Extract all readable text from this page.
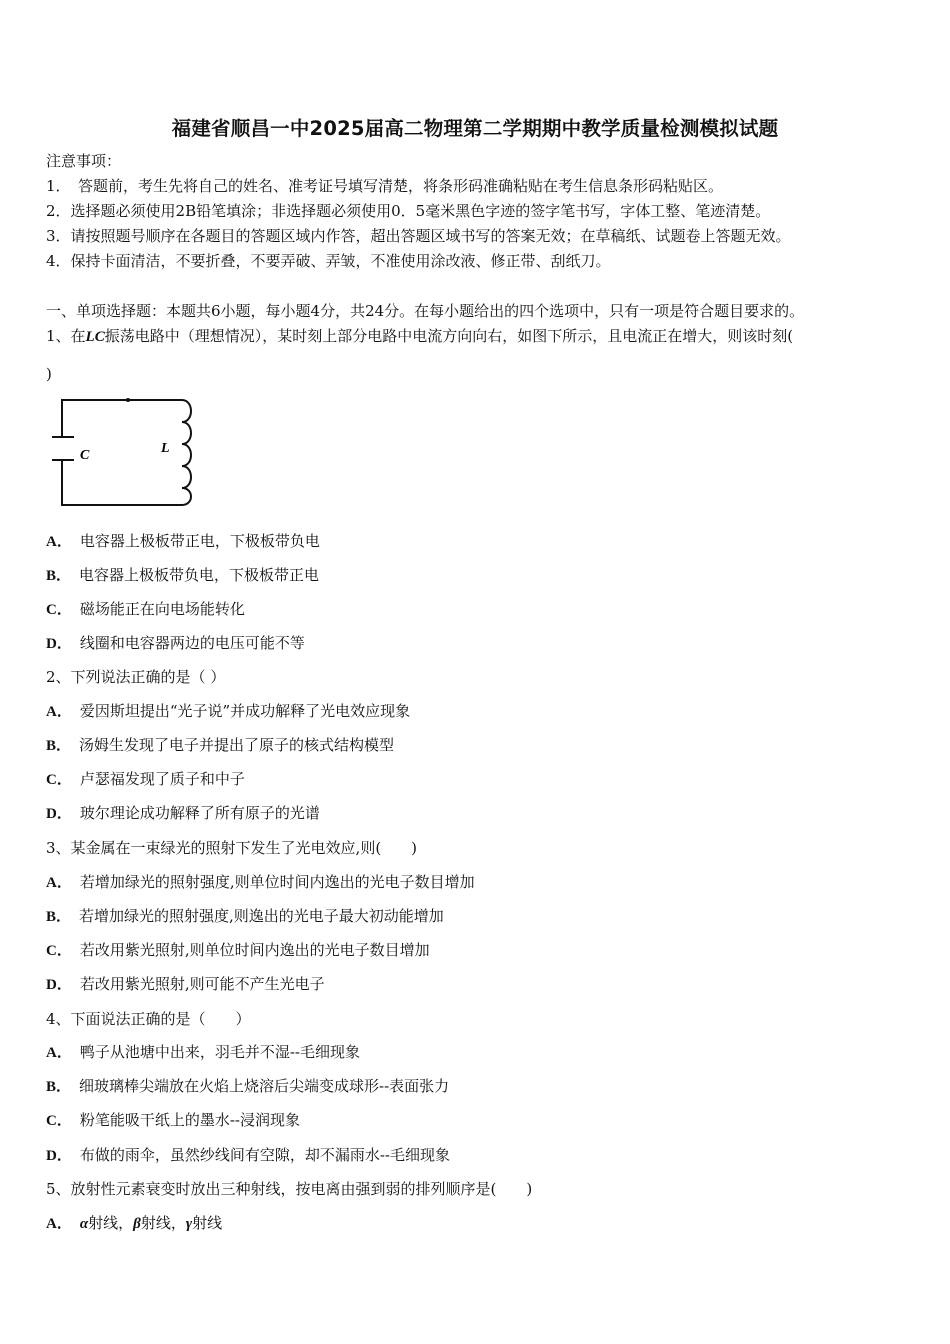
福建省顺昌一中2025届高二物理第二学期期中教学质量检测模拟试题
注意事项：
1．　答题前，考生先将自己的姓名、准考证号填写清楚，将条形码准确粘贴在考生信息条形码粘贴区。
2．选择题必须使用2B铅笔填涂；非选择题必须使用0．5毫米黑色字迹的签字笔书写，字体工整、笔迹清楚。
3．请按照题号顺序在各题目的答题区域内作答，超出答题区域书写的答案无效；在草稿纸、试题卷上答题无效。
4．保持卡面清洁，不要折叠，不要弄破、弄皱，不准使用涂改液、修正带、刮纸刀。
一、单项选择题：本题共6小题，每小题4分，共24分。在每小题给出的四个选项中，只有一项是符合题目要求的。
1、在LC振荡电路中（理想情况），某时刻上部分电路中电流方向向右，如图下所示，且电流正在增大，则该时刻(
)
C	L
A． 电容器上极板带正电，下极板带负电
B． 电容器上极板带负电，下极板带正电
C． 磁场能正在向电场能转化
D． 线圈和电容器两边的电压可能不等
2、下列说法正确的是（ ）
A． 爱因斯坦提出“光子说”并成功解释了光电效应现象
B． 汤姆生发现了电子并提出了原子的核式结构模型
C． 卢瑟福发现了质子和中子
D． 玻尔理论成功解释了所有原子的光谱
3、某金属在一束绿光的照射下发生了光电效应,则(　　)
A． 若增加绿光的照射强度,则单位时间内逸出的光电子数目增加
B． 若增加绿光的照射强度,则逸出的光电子最大初动能增加
C． 若改用紫光照射,则单位时间内逸出的光电子数目增加
D． 若改用紫光照射,则可能不产生光电子
4、下面说法正确的是（　　）
A． 鸭子从池塘中出来，羽毛并不湿--毛细现象
B． 细玻璃棒尖端放在火焰上烧溶后尖端变成球形--表面张力
C． 粉笔能吸干纸上的墨水--浸润现象
D． 布做的雨伞，虽然纱线间有空隙，却不漏雨水--毛细现象
5、放射性元素衰变时放出三种射线，按电离由强到弱的排列顺序是(　　)
A． α射线，β射线，γ射线
